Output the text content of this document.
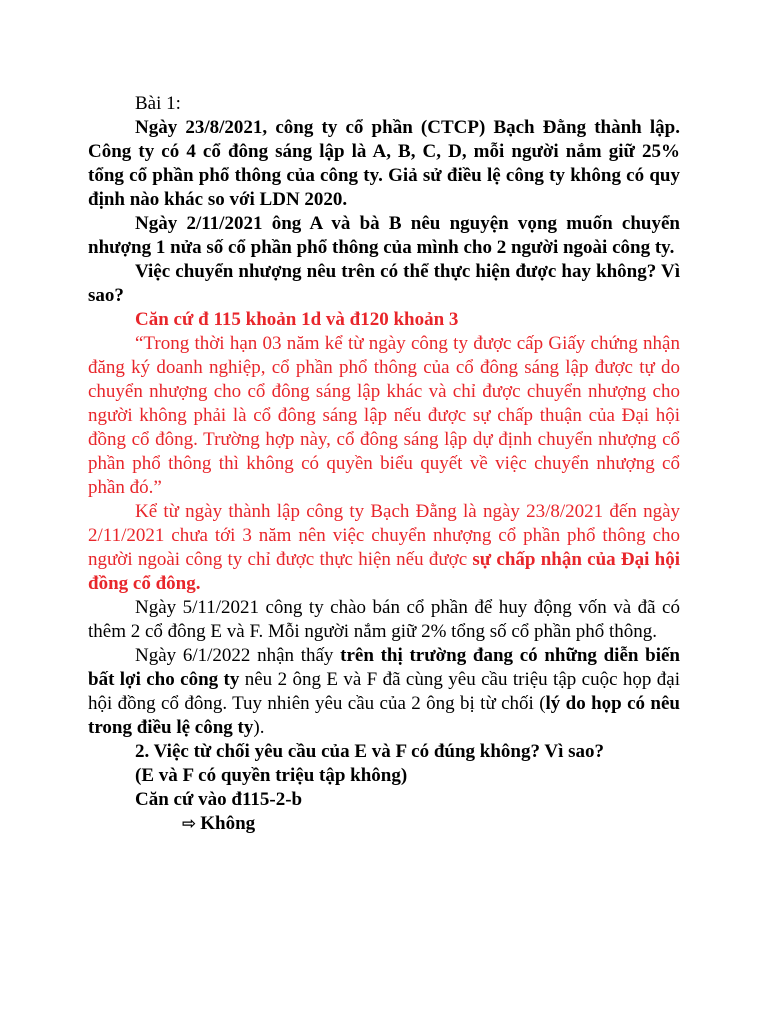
Bài 1:

Ngày 23/8/2021, công ty cổ phần (CTCP) Bạch Đằng thành lập. Công ty có 4 cổ đông sáng lập là A, B, C, D, mỗi người nắm giữ 25% tổng cổ phần phổ thông của công ty. Giả sử điều lệ công ty không có quy định nào khác so với LDN 2020.

Ngày 2/11/2021 ông A và bà B nêu nguyện vọng muốn chuyển nhượng 1 nửa số cổ phần phổ thông của mình cho 2 người ngoài công ty.

Việc chuyển nhượng nêu trên có thể thực hiện được hay không? Vì sao?

Căn cứ đ 115 khoản 1d và đ120 khoản 3

“Trong thời hạn 03 năm kể từ ngày công ty được cấp Giấy chứng nhận đăng ký doanh nghiệp, cổ phần phổ thông của cổ đông sáng lập được tự do chuyển nhượng cho cổ đông sáng lập khác và chỉ được chuyển nhượng cho người không phải là cổ đông sáng lập nếu được sự chấp thuận của Đại hội đồng cổ đông. Trường hợp này, cổ đông sáng lập dự định chuyển nhượng cổ phần phổ thông thì không có quyền biểu quyết về việc chuyển nhượng cổ phần đó.”

Kể từ ngày thành lập công ty Bạch Đằng là ngày 23/8/2021 đến ngày 2/11/2021 chưa tới 3 năm nên việc chuyển nhượng cổ phần phổ thông cho người ngoài công ty chỉ được thực hiện nếu được sự chấp nhận của Đại hội đồng cổ đông.

Ngày 5/11/2021 công ty chào bán cổ phần để huy động vốn và đã có thêm 2 cổ đông E và F. Mỗi người nắm giữ 2% tổng số cổ phần phổ thông.

Ngày 6/1/2022 nhận thấy trên thị trường đang có những diễn biến bất lợi cho công ty nêu 2 ông E và F đã cùng yêu cầu triệu tập cuộc họp đại hội đồng cổ đông. Tuy nhiên yêu cầu của 2 ông bị từ chối (lý do họp có nêu trong điều lệ công ty).

2. Việc từ chối yêu cầu của E và F có đúng không? Vì sao?

(E và F có quyền triệu tập không)

Căn cứ vào đ115-2-b

⇨ Không
